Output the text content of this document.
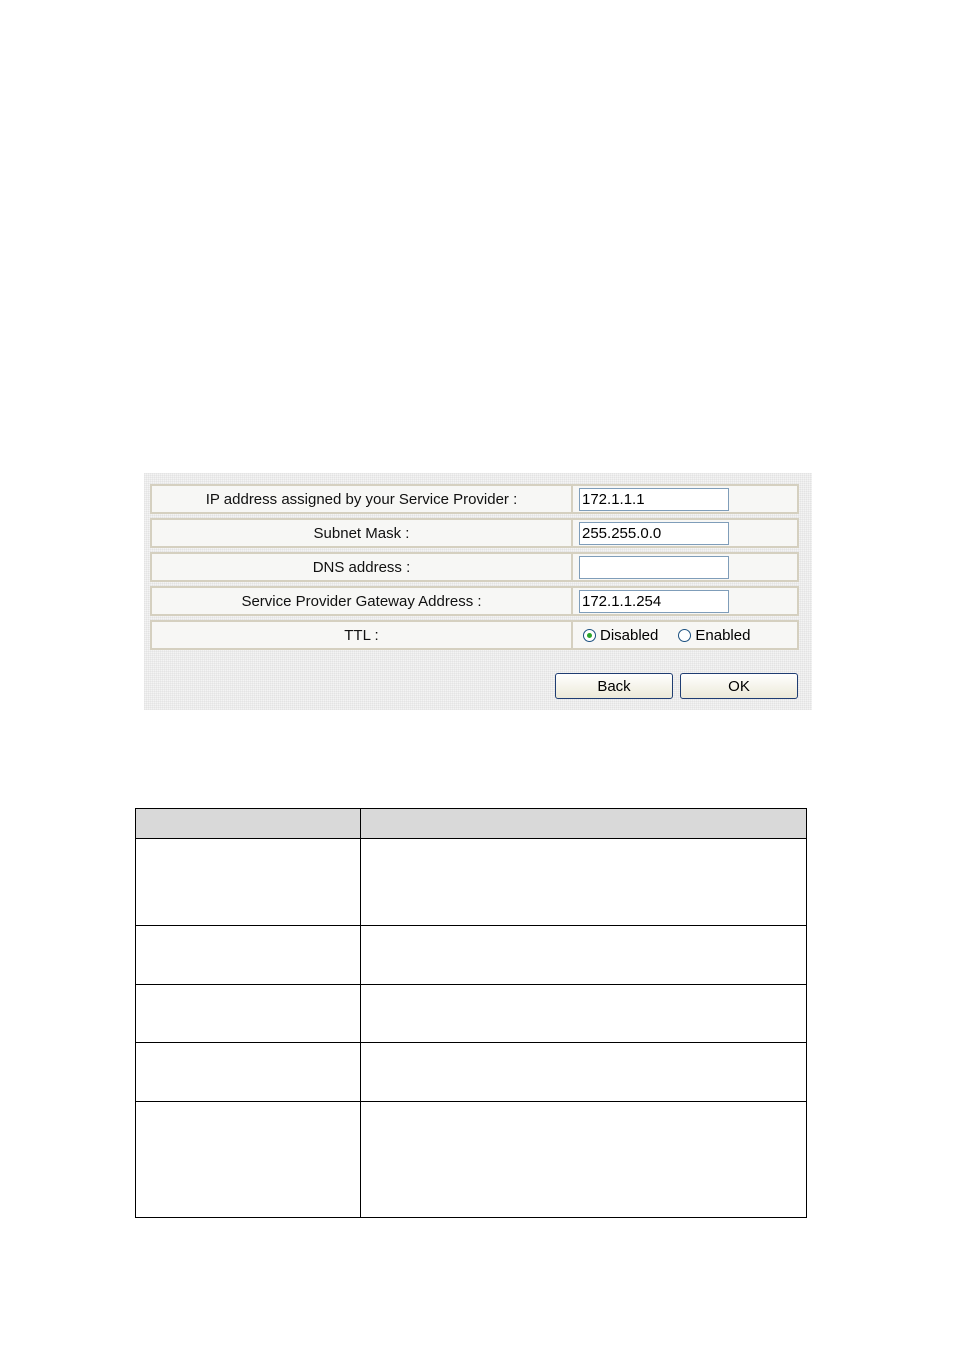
IP address assigned by your Service Provider :
172.1.1.1
Subnet Mask :
255.255.0.0
DNS address :
Service Provider Gateway Address :
172.1.1.254
TTL :	Disabled Enabled
Back	OK
